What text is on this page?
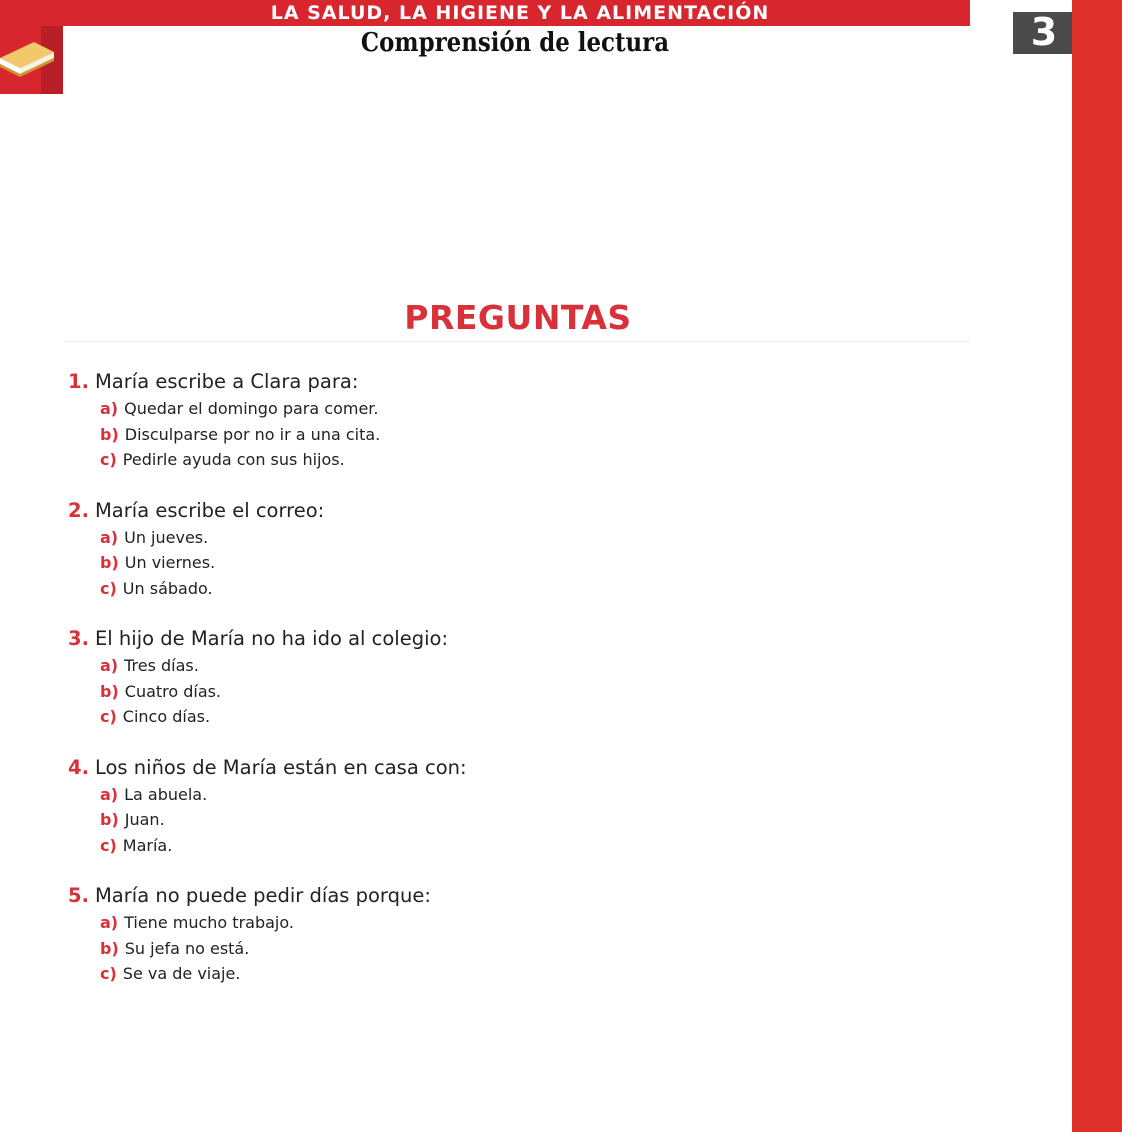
LA SALUD, LA HIGIENE Y LA ALIMENTACIÓN
Comprensión de lectura	3
PREGUNTAS
1. María escribe a Clara para:
a) Quedar el domingo para comer.
b) Disculparse por no ir a una cita.
c) Pedirle ayuda con sus hijos.
2. María escribe el correo:
a) Un jueves.
b) Un viernes.
c) Un sábado.
3. El hijo de María no ha ido al colegio:
a) Tres días.
b) Cuatro días.
c) Cinco días.
4. Los niños de María están en casa con:
a) La abuela.
b) Juan.
c) María.
5. María no puede pedir días porque:
a) Tiene mucho trabajo.
b) Su jefa no está.
c) Se va de viaje.
